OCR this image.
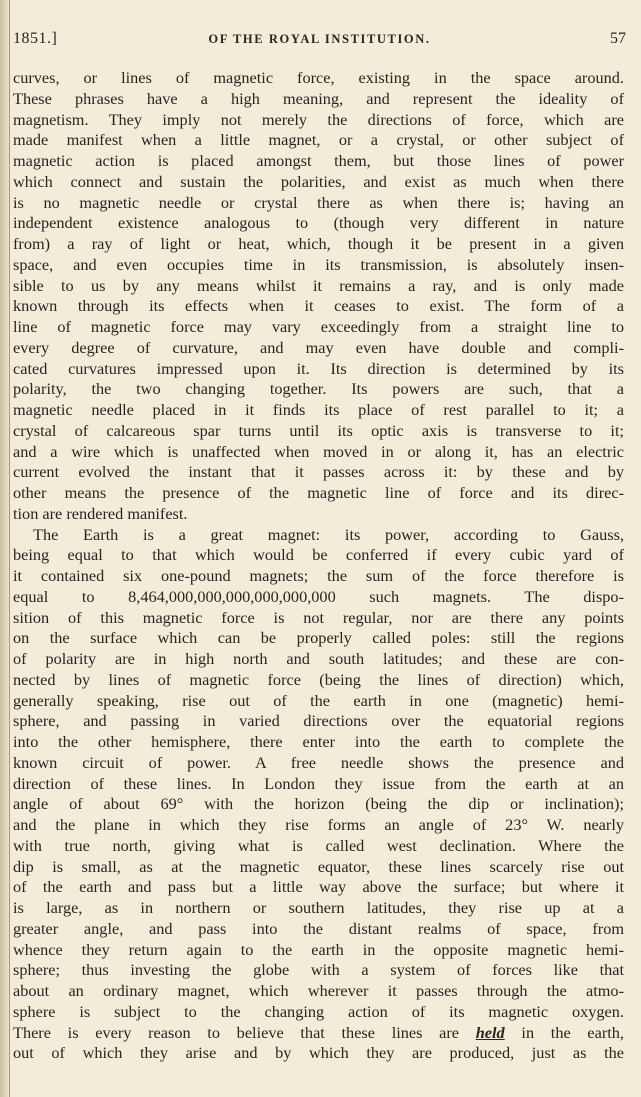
1851.]	OF THE ROYAL INSTITUTION.	57
curves, or lines of magnetic force, existing in the space around.
These phrases have a high meaning, and represent the ideality of
magnetism. They imply not merely the directions of force, which are
made manifest when a little magnet, or a crystal, or other subject of
magnetic action is placed amongst them, but those lines of power
which connect and sustain the polarities, and exist as much when there
is no magnetic needle or crystal there as when there is; having an
independent existence analogous to (though very different in nature
from) a ray of light or heat, which, though it be present in a given
space, and even occupies time in its transmission, is absolutely insen-
sible to us by any means whilst it remains a ray, and is only made
known through its effects when it ceases to exist. The form of a
line of magnetic force may vary exceedingly from a straight line to
every degree of curvature, and may even have double and compli-
cated curvatures impressed upon it. Its direction is determined by its
polarity, the two changing together. Its powers are such, that a
magnetic needle placed in it finds its place of rest parallel to it; a
crystal of calcareous spar turns until its optic axis is transverse to it;
and a wire which is unaffected when moved in or along it, has an electric
current evolved the instant that it passes across it: by these and by
other means the presence of the magnetic line of force and its direc-
tion are rendered manifest.
The Earth is a great magnet: its power, according to Gauss,
being equal to that which would be conferred if every cubic yard of
it contained six one-pound magnets; the sum of the force therefore is
equal to 8,464,000,000,000,000,000,000 such magnets. The dispo-
sition of this magnetic force is not regular, nor are there any points
on the surface which can be properly called poles: still the regions
of polarity are in high north and south latitudes; and these are con-
nected by lines of magnetic force (being the lines of direction) which,
generally speaking, rise out of the earth in one (magnetic) hemi-
sphere, and passing in varied directions over the equatorial regions
into the other hemisphere, there enter into the earth to complete the
known circuit of power. A free needle shows the presence and
direction of these lines. In London they issue from the earth at an
angle of about 69° with the horizon (being the dip or inclination);
and the plane in which they rise forms an angle of 23° W. nearly
with true north, giving what is called west declination. Where the
dip is small, as at the magnetic equator, these lines scarcely rise out
of the earth and pass but a little way above the surface; but where it
is large, as in northern or southern latitudes, they rise up at a
greater angle, and pass into the distant realms of space, from
whence they return again to the earth in the opposite magnetic hemi-
sphere; thus investing the globe with a system of forces like that
about an ordinary magnet, which wherever it passes through the atmo-
sphere is subject to the changing action of its magnetic oxygen.
There is every reason to believe that these lines are held in the earth,
out of which they arise and by which they are produced, just as the
